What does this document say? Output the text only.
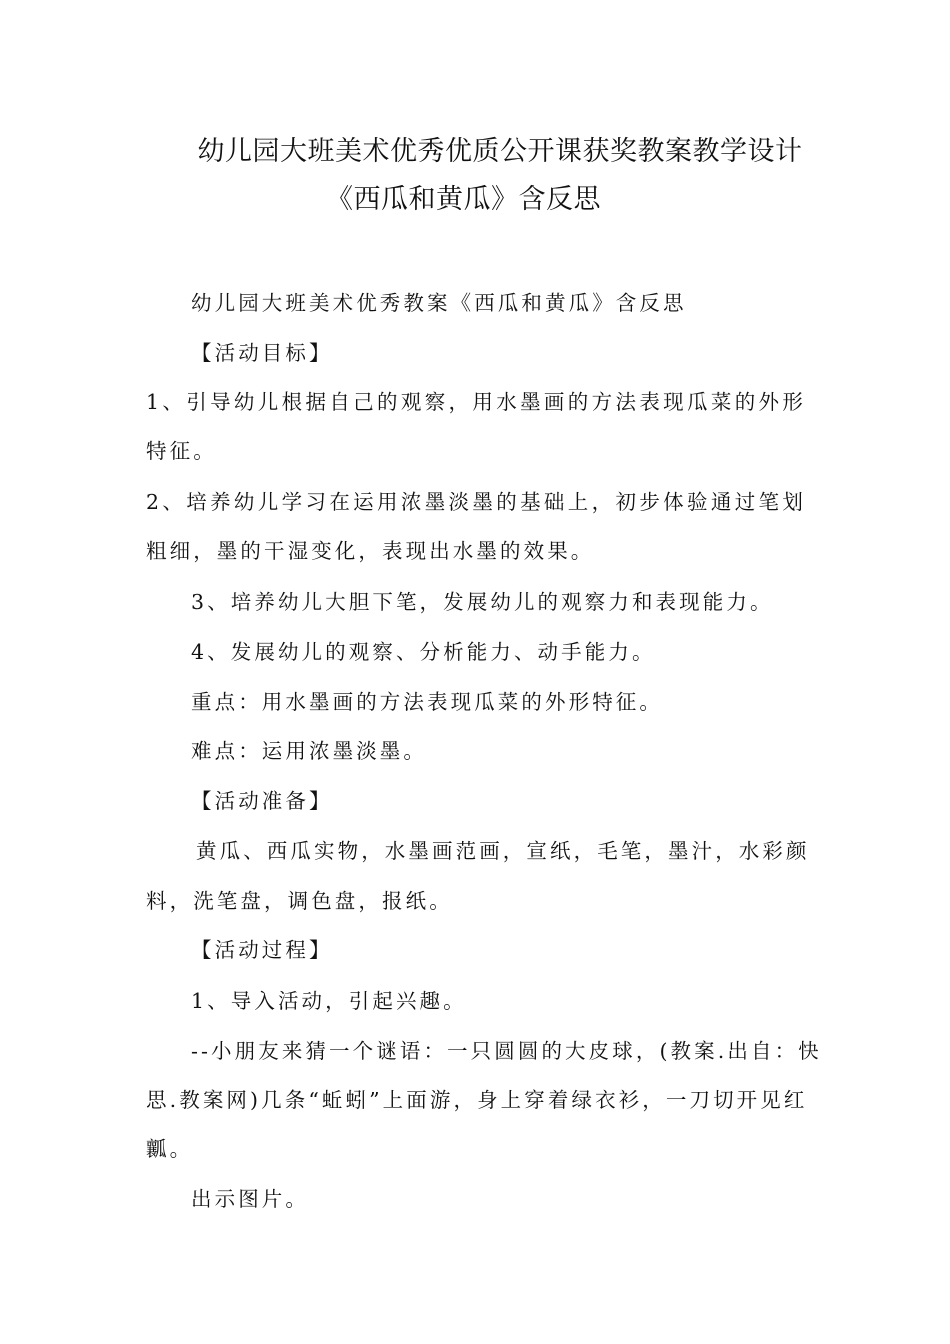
幼儿园大班美术优秀优质公开课获奖教案教学设计
《西瓜和黄瓜》含反思
幼儿园大班美术优秀教案《西瓜和黄瓜》含反思
【活动目标】
1、引导幼儿根据自己的观察，用水墨画的方法表现瓜菜的外形
特征。
2、培养幼儿学习在运用浓墨淡墨的基础上，初步体验通过笔划
粗细，墨的干湿变化，表现出水墨的效果。
3、培养幼儿大胆下笔，发展幼儿的观察力和表现能力。
4、发展幼儿的观察、分析能力、动手能力。
重点：用水墨画的方法表现瓜菜的外形特征。
难点：运用浓墨淡墨。
【活动准备】
黄瓜、西瓜实物，水墨画范画，宣纸，毛笔，墨汁，水彩颜
料，洗笔盘，调色盘，报纸。
【活动过程】
1、导入活动，引起兴趣。
--小朋友来猜一个谜语：一只圆圆的大皮球，(教案.出自：快
思.教案网)几条“蚯蚓”上面游，身上穿着绿衣衫，一刀切开见红
瓤。
出示图片。
